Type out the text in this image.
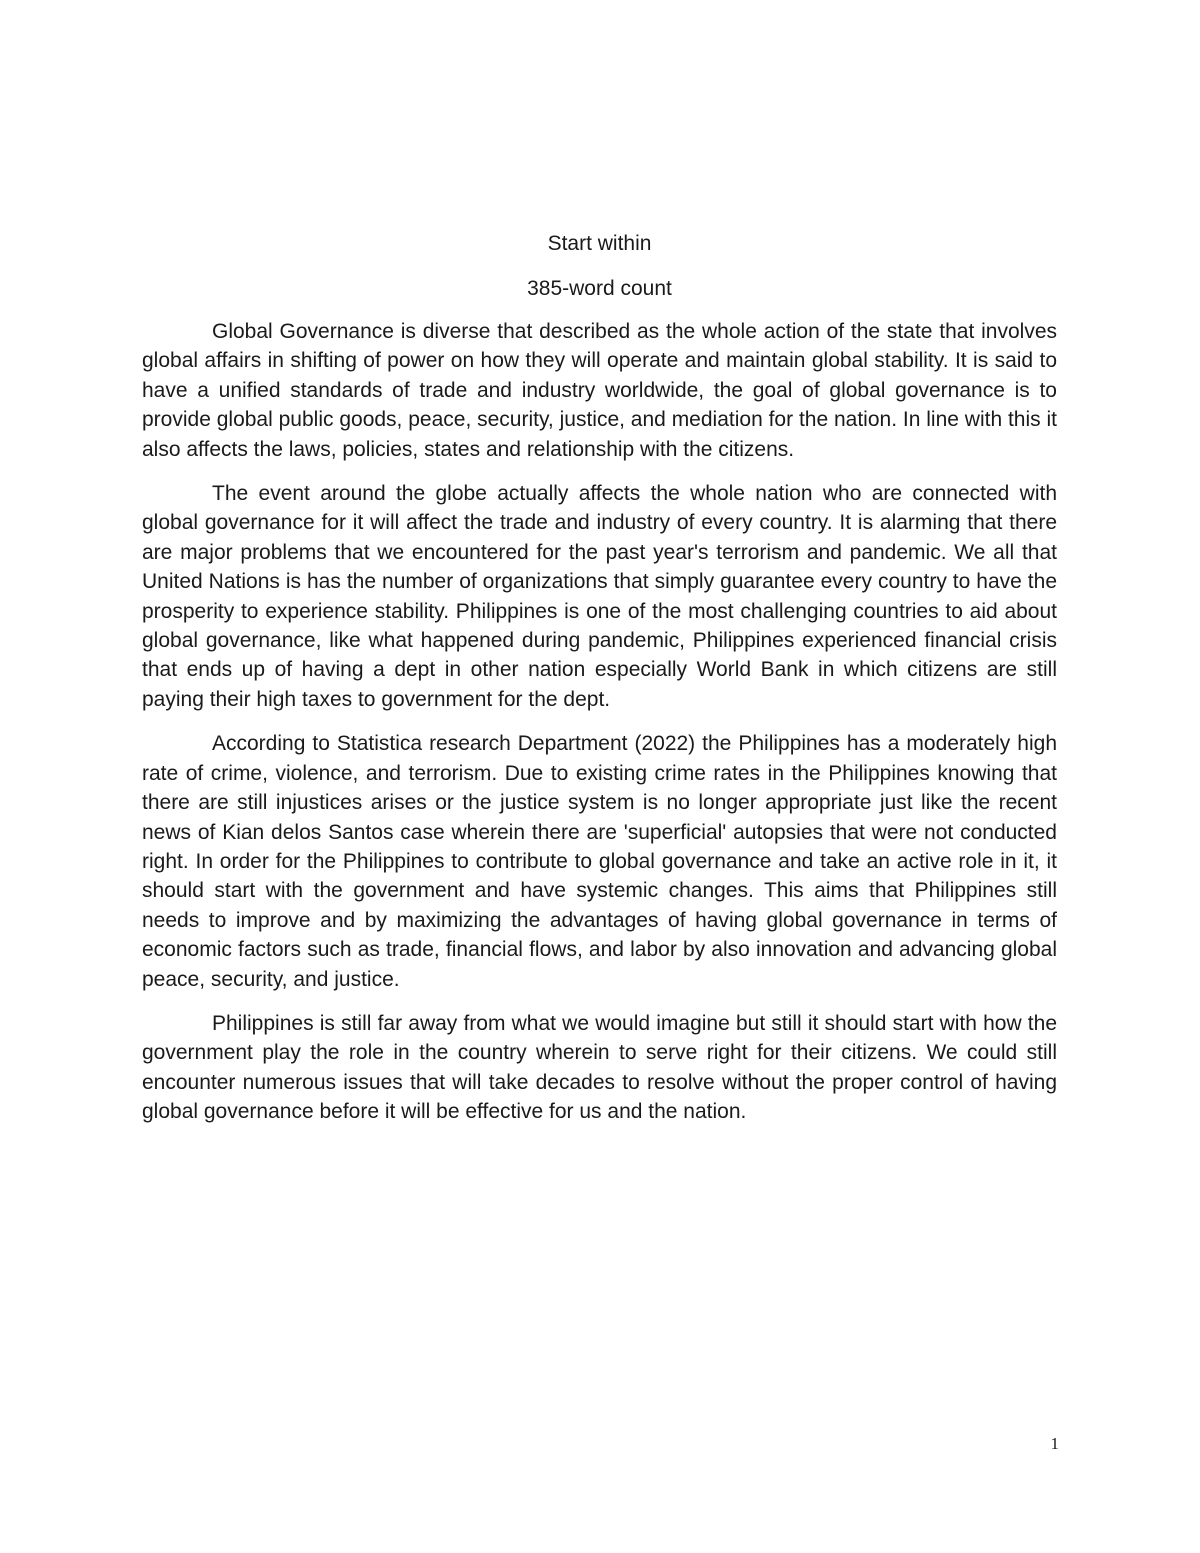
Start within
385-word count

Global Governance is diverse that described as the whole action of the state that involves global affairs in shifting of power on how they will operate and maintain global stability. It is said to have a unified standards of trade and industry worldwide, the goal of global governance is to provide global public goods, peace, security, justice, and mediation for the nation. In line with this it also affects the laws, policies, states and relationship with the citizens.

The event around the globe actually affects the whole nation who are connected with global governance for it will affect the trade and industry of every country. It is alarming that there are major problems that we encountered for the past year's terrorism and pandemic. We all that United Nations is has the number of organizations that simply guarantee every country to have the prosperity to experience stability. Philippines is one of the most challenging countries to aid about global governance, like what happened during pandemic, Philippines experienced financial crisis that ends up of having a dept in other nation especially World Bank in which citizens are still paying their high taxes to government for the dept.

According to Statistica research Department (2022) the Philippines has a moderately high rate of crime, violence, and terrorism. Due to existing crime rates in the Philippines knowing that there are still injustices arises or the justice system is no longer appropriate just like the recent news of Kian delos Santos case wherein there are 'superficial' autopsies that were not conducted right. In order for the Philippines to contribute to global governance and take an active role in it, it should start with the government and have systemic changes. This aims that Philippines still needs to improve and by maximizing the advantages of having global governance in terms of economic factors such as trade, financial flows, and labor by also innovation and advancing global peace, security, and justice.

Philippines is still far away from what we would imagine but still it should start with how the government play the role in the country wherein to serve right for their citizens. We could still encounter numerous issues that will take decades to resolve without the proper control of having global governance before it will be effective for us and the nation.

1
